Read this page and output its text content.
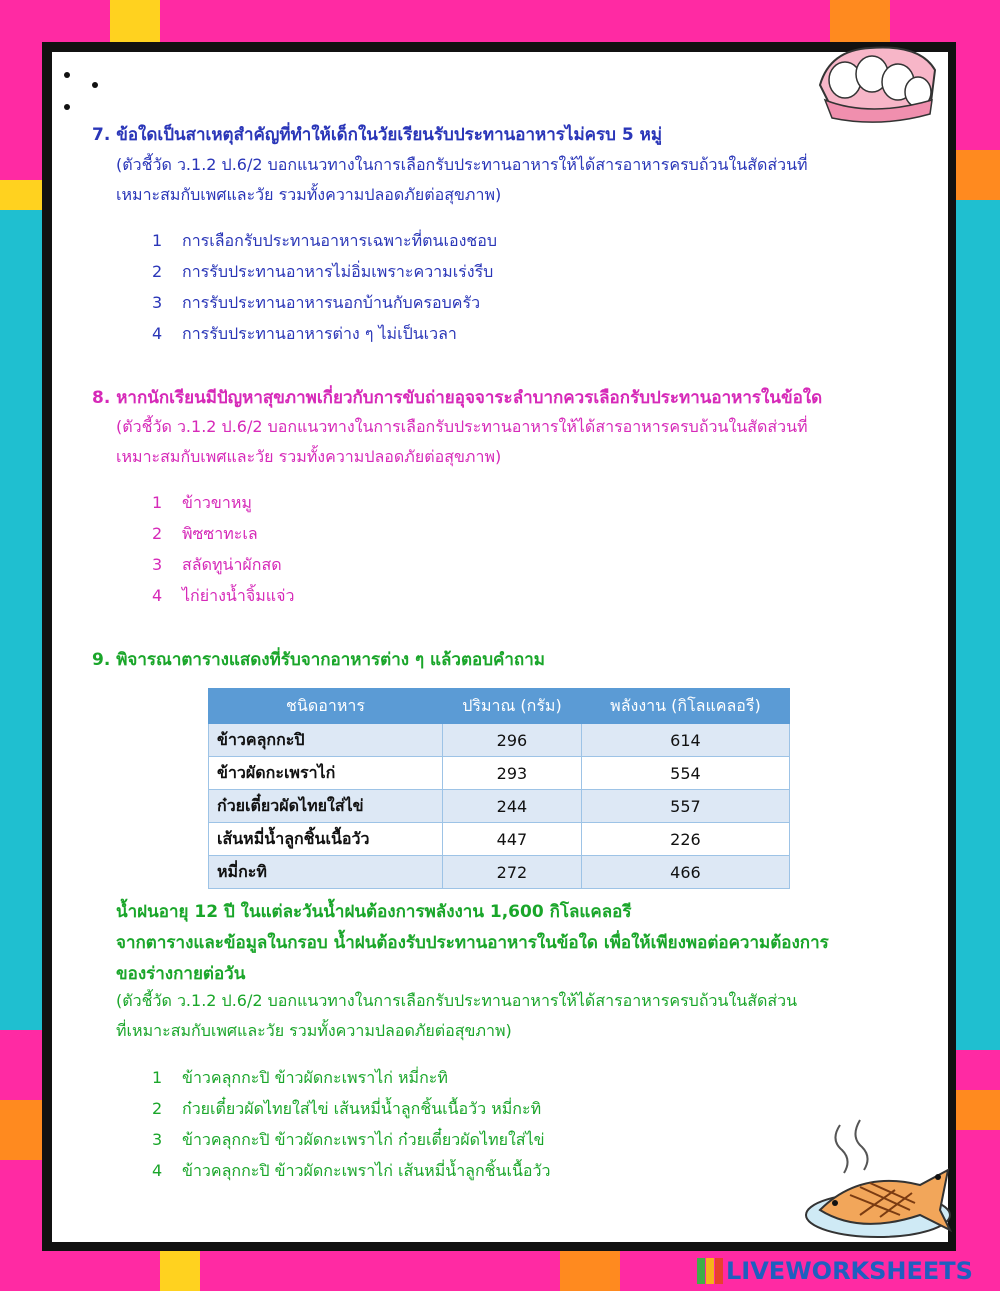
7. ข้อใดเป็นสาเหตุสำคัญที่ทำให้เด็กในวัยเรียนรับประทานอาหารไม่ครบ 5 หมู่
(ตัวชี้วัด ว.1.2 ป.6/2 บอกแนวทางในการเลือกรับประทานอาหารให้ได้สารอาหารครบถ้วนในสัดส่วนที่
เหมาะสมกับเพศและวัย รวมทั้งความปลอดภัยต่อสุขภาพ)
1 การเลือกรับประทานอาหารเฉพาะที่ตนเองชอบ
2 การรับประทานอาหารไม่อิ่มเพราะความเร่งรีบ
3 การรับประทานอาหารนอกบ้านกับครอบครัว
4 การรับประทานอาหารต่าง ๆ ไม่เป็นเวลา
8. หากนักเรียนมีปัญหาสุขภาพเกี่ยวกับการขับถ่ายอุจจาระลำบากควรเลือกรับประทานอาหารในข้อใด
(ตัวชี้วัด ว.1.2 ป.6/2 บอกแนวทางในการเลือกรับประทานอาหารให้ได้สารอาหารครบถ้วนในสัดส่วนที่
เหมาะสมกับเพศและวัย รวมทั้งความปลอดภัยต่อสุขภาพ)
1 ข้าวขาหมู
2 พิซซาทะเล
3 สลัดทูน่าผักสด
4 ไก่ย่างน้ำจิ้มแจ่ว
9. พิจารณาตารางแสดงที่รับจากอาหารต่าง ๆ แล้วตอบคำถาม
ชนิดอาหาร	ปริมาณ (กรัม)	พลังงาน (กิโลแคลอรี)
ข้าวคลุกกะปิ	296	614
ข้าวผัดกะเพราไก่	293	554
ก๋วยเตี๋ยวผัดไทยใส่ไข่	244	557
เส้นหมี่น้ำลูกชิ้นเนื้อวัว	447	226
หมี่กะทิ	272	466
น้ำฝนอายุ 12 ปี ในแต่ละวันน้ำฝนต้องการพลังงาน 1,600 กิโลแคลอรี
จากตารางและข้อมูลในกรอบ น้ำฝนต้องรับประทานอาหารในข้อใด เพื่อให้เพียงพอต่อความต้องการ
ของร่างกายต่อวัน
(ตัวชี้วัด ว.1.2 ป.6/2 บอกแนวทางในการเลือกรับประทานอาหารให้ได้สารอาหารครบถ้วนในสัดส่วน
ที่เหมาะสมกับเพศและวัย รวมทั้งความปลอดภัยต่อสุขภาพ)
1 ข้าวคลุกกะปิ ข้าวผัดกะเพราไก่ หมี่กะทิ
2 ก๋วยเตี๋ยวผัดไทยใส่ไข่ เส้นหมี่น้ำลูกชิ้นเนื้อวัว หมี่กะทิ
3 ข้าวคลุกกะปิ ข้าวผัดกะเพราไก่ ก๋วยเตี๋ยวผัดไทยใส่ไข่
4 ข้าวคลุกกะปิ ข้าวผัดกะเพราไก่ เส้นหมี่น้ำลูกชิ้นเนื้อวัว
LIVEWORKSHEETS
